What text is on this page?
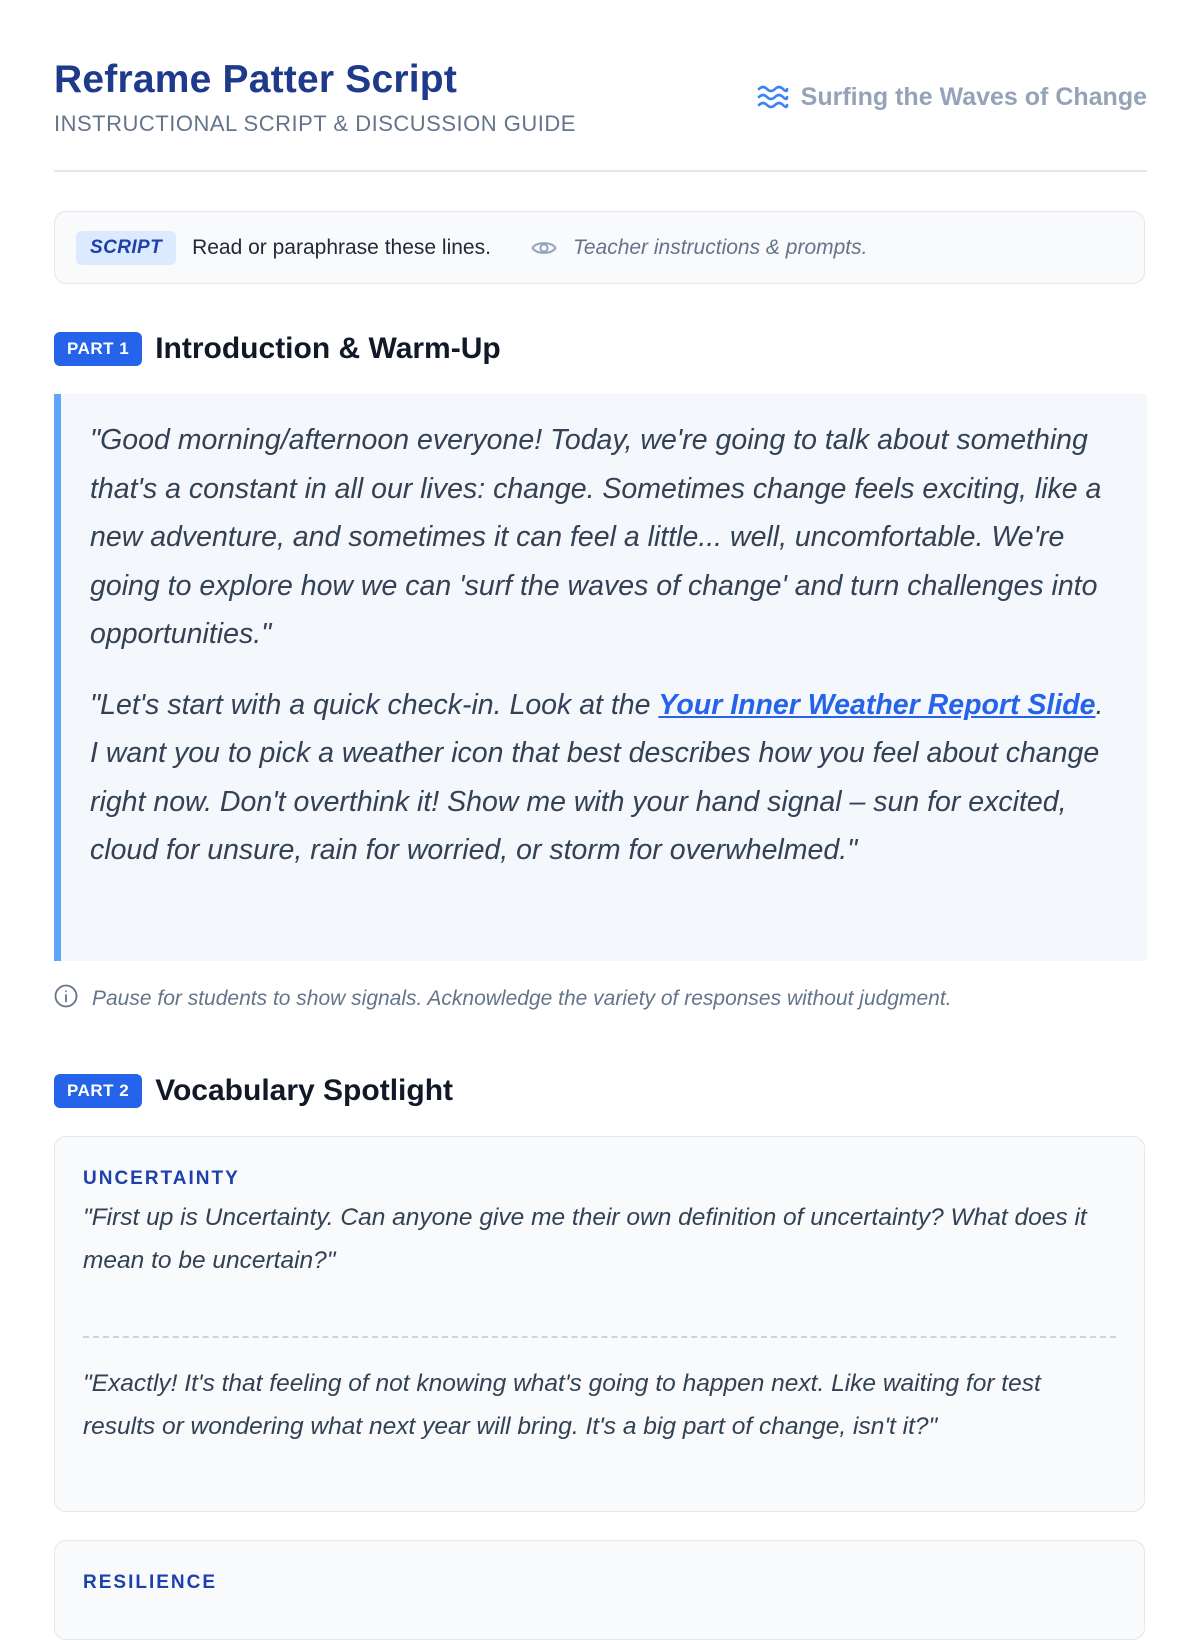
Reframe Patter Script
INSTRUCTIONAL SCRIPT & DISCUSSION GUIDE
Surfing the Waves of Change
SCRIPT	Read or paraphrase these lines.	Teacher instructions & prompts.
PART 1 Introduction & Warm-Up

"Good morning/afternoon everyone! Today, we're going to talk about something that's a constant in all our lives: change. Sometimes change feels exciting, like a new adventure, and sometimes it can feel a little... well, uncomfortable. We're going to explore how we can 'surf the waves of change' and turn challenges into opportunities."

"Let's start with a quick check-in. Look at the Your Inner Weather Report Slide. I want you to pick a weather icon that best describes how you feel about change right now. Don't overthink it! Show me with your hand signal – sun for excited, cloud for unsure, rain for worried, or storm for overwhelmed."

Pause for students to show signals. Acknowledge the variety of responses without judgment.
PART 2 Vocabulary Spotlight
UNCERTAINTY
"First up is Uncertainty. Can anyone give me their own definition of uncertainty? What does it mean to be uncertain?"
"Exactly! It's that feeling of not knowing what's going to happen next. Like waiting for test results or wondering what next year will bring. It's a big part of change, isn't it?"
RESILIENCE
